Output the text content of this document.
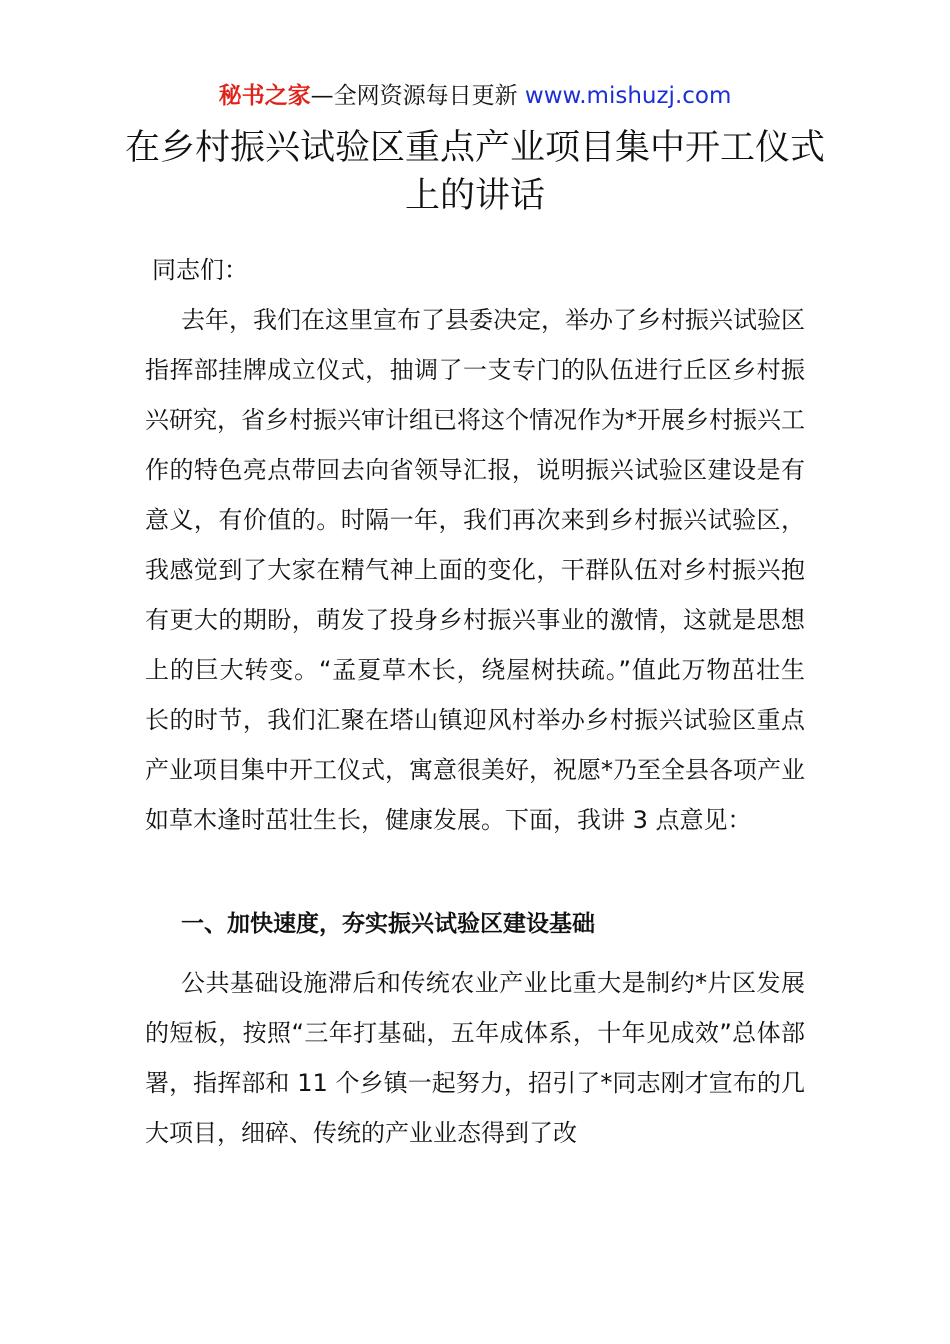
秘书之家—全网资源每日更新 www.mishuzj.com
在乡村振兴试验区重点产业项目集中开工仪式上的讲话
同志们：

去年，我们在这里宣布了县委决定，举办了乡村振兴试验区指挥部挂牌成立仪式，抽调了一支专门的队伍进行丘区乡村振兴研究，省乡村振兴审计组已将这个情况作为*开展乡村振兴工作的特色亮点带回去向省领导汇报，说明振兴试验区建设是有意义，有价值的。时隔一年，我们再次来到乡村振兴试验区，我感觉到了大家在精气神上面的变化，干群队伍对乡村振兴抱有更大的期盼，萌发了投身乡村振兴事业的激情，这就是思想上的巨大转变。“孟夏草木长，绕屋树扶疏。”值此万物茁壮生长的时节，我们汇聚在塔山镇迎风村举办乡村振兴试验区重点产业项目集中开工仪式，寓意很美好，祝愿*乃至全县各项产业如草木逢时茁壮生长，健康发展。下面，我讲 3 点意见：

一、加快速度，夯实振兴试验区建设基础

公共基础设施滞后和传统农业产业比重大是制约*片区发展的短板，按照“三年打基础，五年成体系，十年见成效”总体部署，指挥部和 11 个乡镇一起努力，招引了*同志刚才宣布的几大项目，细碎、传统的产业业态得到了改
